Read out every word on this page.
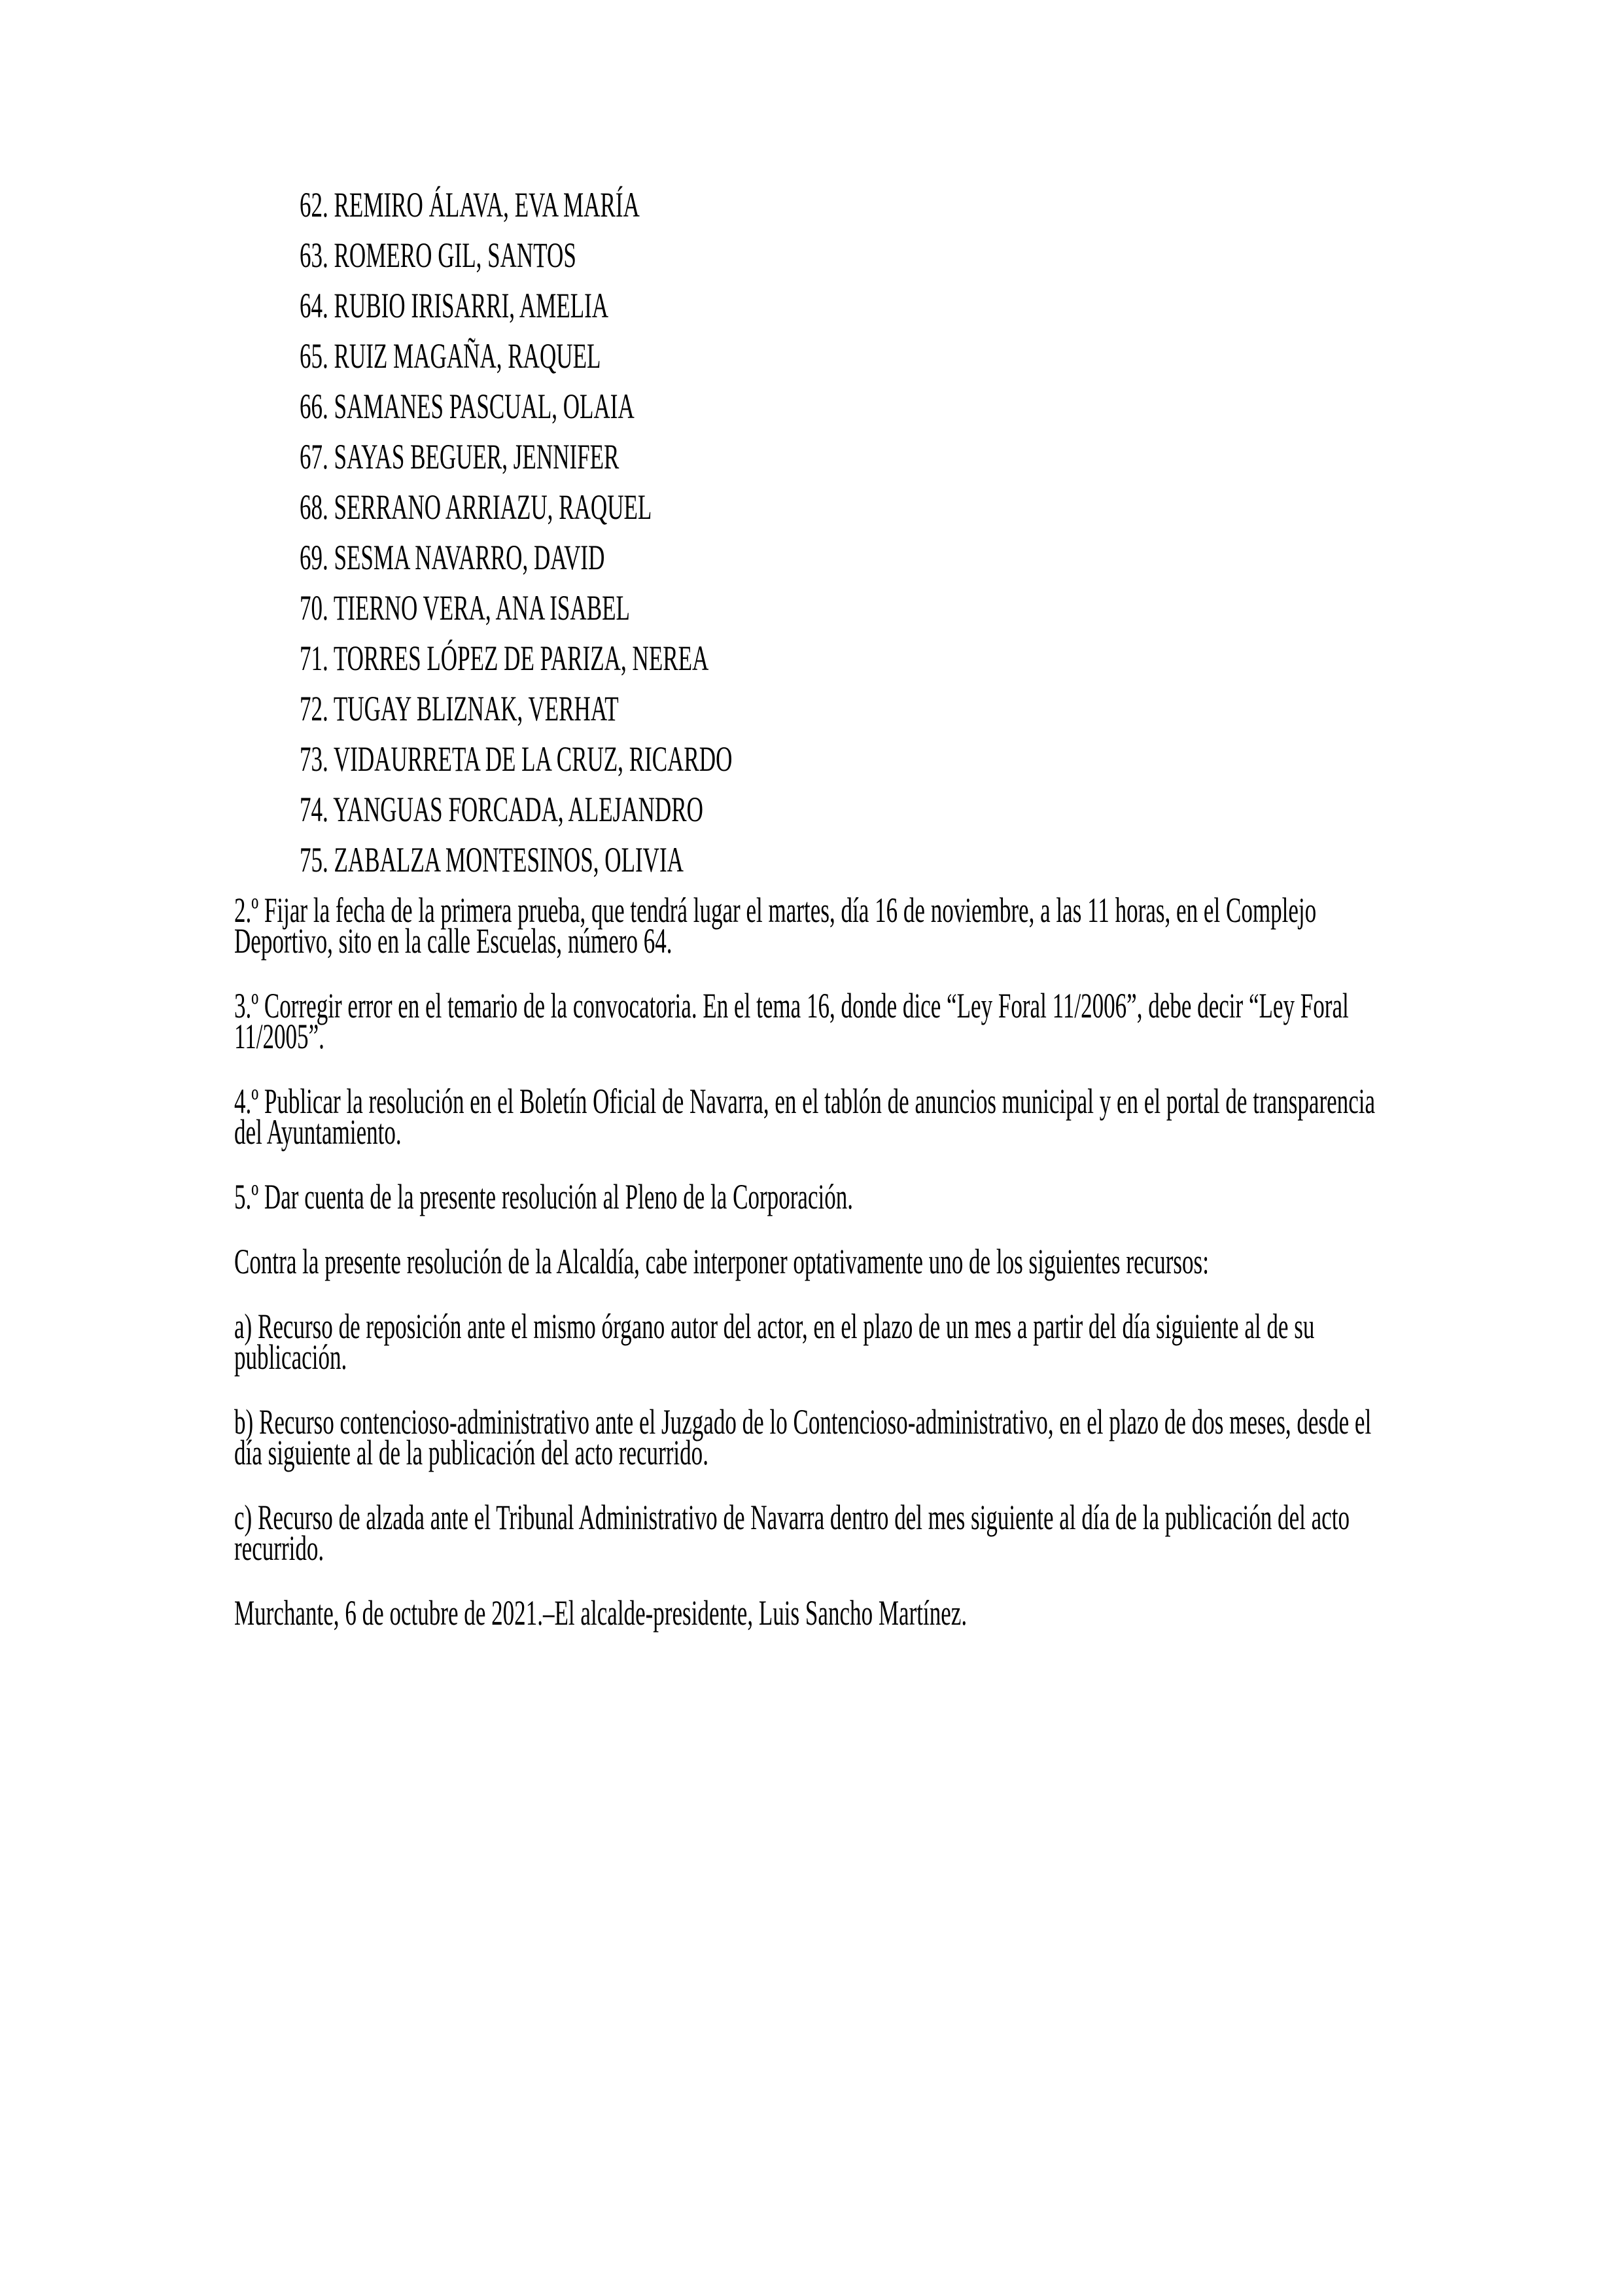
62. REMIRO ÁLAVA, EVA MARÍA
63. ROMERO GIL, SANTOS
64. RUBIO IRISARRI, AMELIA
65. RUIZ MAGAÑA, RAQUEL
66. SAMANES PASCUAL, OLAIA
67. SAYAS BEGUER, JENNIFER
68. SERRANO ARRIAZU, RAQUEL
69. SESMA NAVARRO, DAVID
70. TIERNO VERA, ANA ISABEL
71. TORRES LÓPEZ DE PARIZA, NEREA
72. TUGAY BLIZNAK, VERHAT
73. VIDAURRETA DE LA CRUZ, RICARDO
74. YANGUAS FORCADA, ALEJANDRO
75. ZABALZA MONTESINOS, OLIVIA

2.º Fijar la fecha de la primera prueba, que tendrá lugar el martes, día 16 de noviembre, a las 11 horas, en el Complejo Deportivo, sito en la calle Escuelas, número 64.

3.º Corregir error en el temario de la convocatoria. En el tema 16, donde dice “Ley Foral 11/2006”, debe decir “Ley Foral 11/2005”.

4.º Publicar la resolución en el Boletín Oficial de Navarra, en el tablón de anuncios municipal y en el portal de transparencia del Ayuntamiento.

5.º Dar cuenta de la presente resolución al Pleno de la Corporación.

Contra la presente resolución de la Alcaldía, cabe interponer optativamente uno de los siguientes recursos:

a) Recurso de reposición ante el mismo órgano autor del actor, en el plazo de un mes a partir del día siguiente al de su publicación.

b) Recurso contencioso-administrativo ante el Juzgado de lo Contencioso-administrativo, en el plazo de dos meses, desde el día siguiente al de la publicación del acto recurrido.

c) Recurso de alzada ante el Tribunal Administrativo de Navarra dentro del mes siguiente al día de la publicación del acto recurrido.

Murchante, 6 de octubre de 2021.–El alcalde-presidente, Luis Sancho Martínez.
